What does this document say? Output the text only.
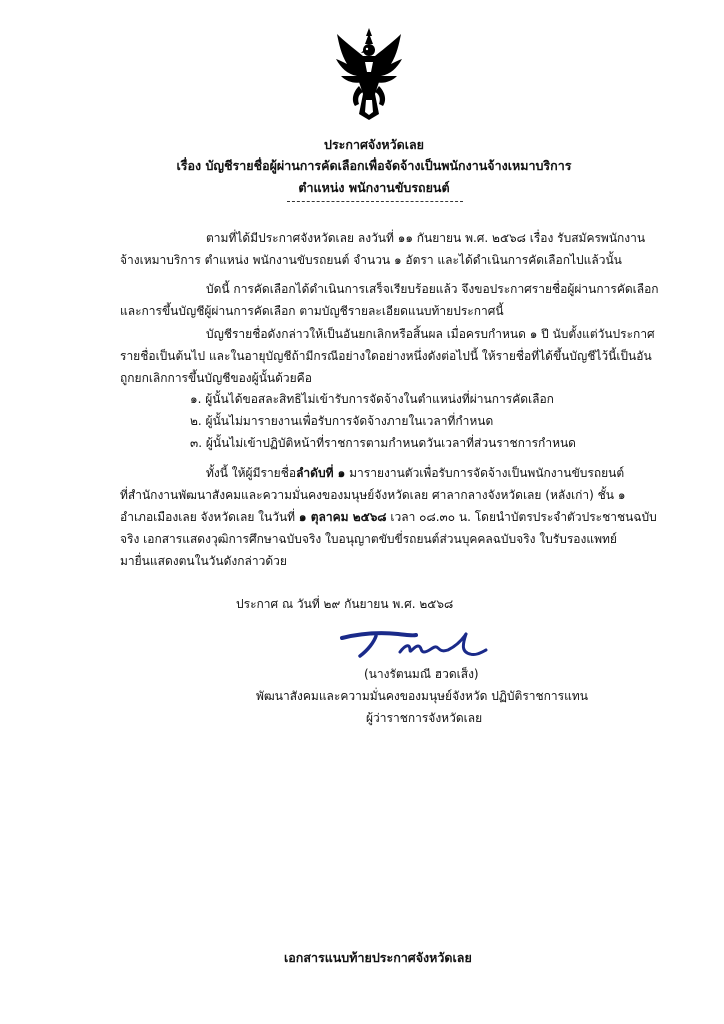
ประกาศจังหวัดเลย
เรื่อง บัญชีรายชื่อผู้ผ่านการคัดเลือกเพื่อจัดจ้างเป็นพนักงานจ้างเหมาบริการ
ตำแหน่ง พนักงานขับรถยนต์
ตามที่ได้มีประกาศจังหวัดเลย ลงวันที่ ๑๑ กันยายน พ.ศ. ๒๕๖๘ เรื่อง รับสมัครพนักงาน
จ้างเหมาบริการ ตำแหน่ง พนักงานขับรถยนต์ จำนวน ๑ อัตรา และได้ดำเนินการคัดเลือกไปแล้วนั้น
บัดนี้ การคัดเลือกได้ดำเนินการเสร็จเรียบร้อยแล้ว จึงขอประกาศรายชื่อผู้ผ่านการคัดเลือก
และการขึ้นบัญชีผู้ผ่านการคัดเลือก ตามบัญชีรายละเอียดแนบท้ายประกาศนี้
บัญชีรายชื่อดังกล่าวให้เป็นอันยกเลิกหรือสิ้นผล เมื่อครบกำหนด ๑ ปี นับตั้งแต่วันประกาศ
รายชื่อเป็นต้นไป และในอายุบัญชีถ้ามีกรณีอย่างใดอย่างหนึ่งดังต่อไปนี้ ให้รายชื่อที่ได้ขึ้นบัญชีไว้นี้เป็นอัน
ถูกยกเลิกการขึ้นบัญชีของผู้นั้นด้วยคือ
๑. ผู้นั้นได้ขอสละสิทธิไม่เข้ารับการจัดจ้างในตำแหน่งที่ผ่านการคัดเลือก
๒. ผู้นั้นไม่มารายงานเพื่อรับการจัดจ้างภายในเวลาที่กำหนด
๓. ผู้นั้นไม่เข้าปฏิบัติหน้าที่ราชการตามกำหนดวันเวลาที่ส่วนราชการกำหนด
ทั้งนี้ ให้ผู้มีรายชื่อลำดับที่ ๑ มารายงานตัวเพื่อรับการจัดจ้างเป็นพนักงานขับรถยนต์
ที่สำนักงานพัฒนาสังคมและความมั่นคงของมนุษย์จังหวัดเลย ศาลากลางจังหวัดเลย (หลังเก่า) ชั้น ๑
อำเภอเมืองเลย จังหวัดเลย ในวันที่ ๑ ตุลาคม ๒๕๖๘ เวลา ๐๘.๓๐ น. โดยนำบัตรประจำตัวประชาชนฉบับ
จริง เอกสารแสดงวุฒิการศึกษาฉบับจริง ใบอนุญาตขับขี่รถยนต์ส่วนบุคคลฉบับจริง ใบรับรองแพทย์
มายื่นแสดงตนในวันดังกล่าวด้วย
ประกาศ ณ วันที่ ๒๙ กันยายน พ.ศ. ๒๕๖๘
(นางรัตนมณี ฮวดเส็ง)
พัฒนาสังคมและความมั่นคงของมนุษย์จังหวัด ปฏิบัติราชการแทน
ผู้ว่าราชการจังหวัดเลย
เอกสารแนบท้ายประกาศจังหวัดเลย
